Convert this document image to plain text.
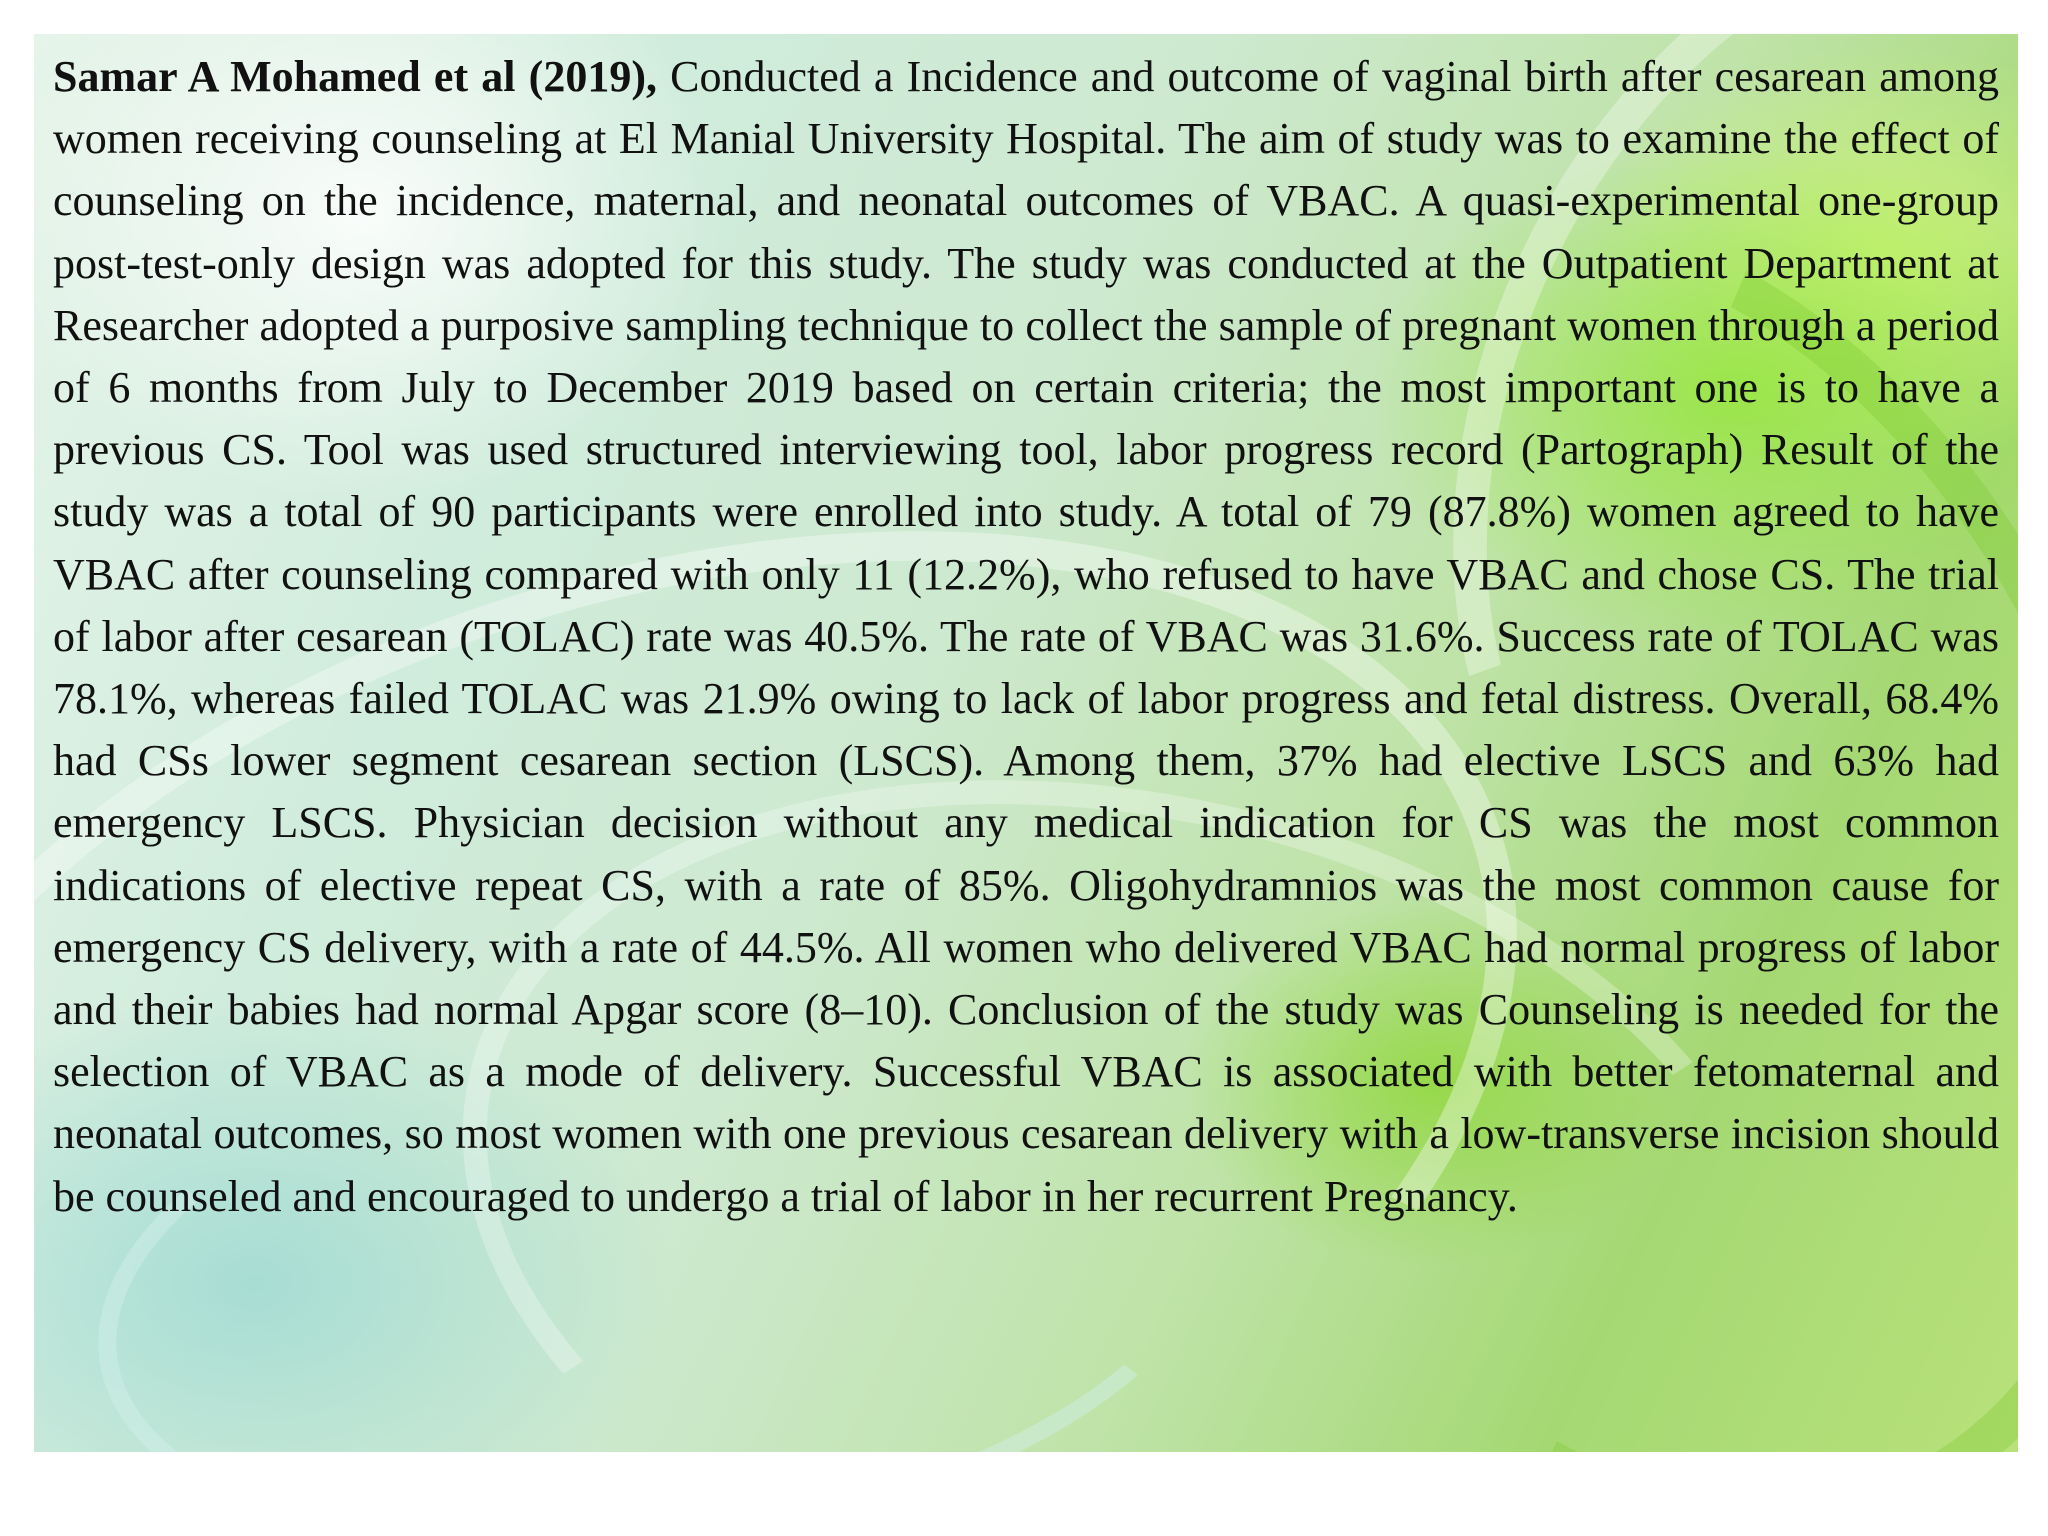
Samar A Mohamed et al (2019), Conducted a Incidence and outcome of vaginal birth after cesarean among women receiving counseling at El Manial University Hospital. The aim of study was to examine the effect of counseling on the incidence, maternal, and neonatal outcomes of VBAC. A quasi-experimental one-group post-test-only design was adopted for this study. The study was conducted at the Outpatient Department at Researcher adopted a purposive sampling technique to collect the sample of pregnant women through a period of 6 months from July to December 2019 based on certain criteria; the most important one is to have a previous CS. Tool was used structured interviewing tool, labor progress record (Partograph) Result of the study was a total of 90 participants were enrolled into study. A total of 79 (87.8%) women agreed to have VBAC after counseling compared with only 11 (12.2%), who refused to have VBAC and chose CS. The trial of labor after cesarean (TOLAC) rate was 40.5%. The rate of VBAC was 31.6%. Success rate of TOLAC was 78.1%, whereas failed TOLAC was 21.9% owing to lack of labor progress and fetal distress. Overall, 68.4% had CSs lower segment cesarean section (LSCS). Among them, 37% had elective LSCS and 63% had emergency LSCS. Physician decision without any medical indication for CS was the most common indications of elective repeat CS, with a rate of 85%. Oligohydramnios was the most common cause for emergency CS delivery, with a rate of 44.5%. All women who delivered VBAC had normal progress of labor and their babies had normal Apgar score (8–10). Conclusion of the study was Counseling is needed for the selection of VBAC as a mode of delivery. Successful VBAC is associated with better fetomaternal and neonatal outcomes, so most women with one previous cesarean delivery with a low-transverse incision should be counseled and encouraged to undergo a trial of labor in her recurrent Pregnancy.
